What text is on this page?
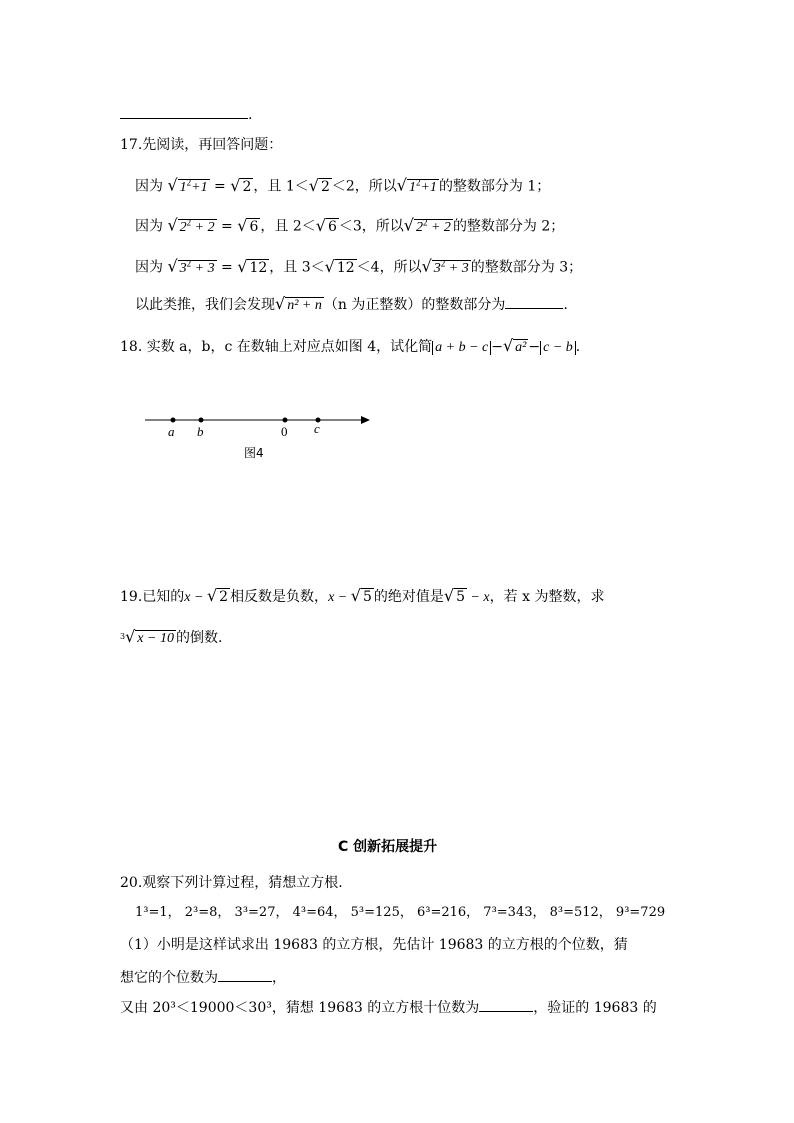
.
17.先阅读，再回答问题：
因为 √ $1^2+1$ = √ 2 ，且 1＜√ 2 ＜2，所以√ $1^2+1$ 的整数部分为 1；
因为 √ $2^2 + 2$ = √ 6 ，且 2＜√ 6 ＜3，所以√ $2^2 + 2$ 的整数部分为 2；
因为 √ $3^2 + 3$ = √ 12 ，且 3＜√ 12 ＜4，所以√ $3^2 + 3$ 的整数部分为 3；
以此类推，我们会发现√ n² + n （n 为正整数）的整数部分为	.
18. 实数 a，b，c 在数轴上对应点如图 4，试化简 a + b − c −√ a² − c − b .
a b	0 c
图4
19.已知的x − √ 2 相反数是负数，x − √ 5 的绝对值是√ 5 − x，若 x 为整数，求
$^3$√ x − 10 的倒数.
C 创新拓展提升
20.观察下列计算过程，猜想立方根.
1³=1， 2³=8， 3³=27， 4³=64， 5³=125， 6³=216， 7³=343， 8³=512， 9³=729
（1）小明是这样试求出 19683 的立方根，先估计 19683 的立方根的个位数，猜
想它的个位数为	，
又由 20³＜19000＜30³，猜想 19683 的立方根十位数为	，验证的 19683 的
